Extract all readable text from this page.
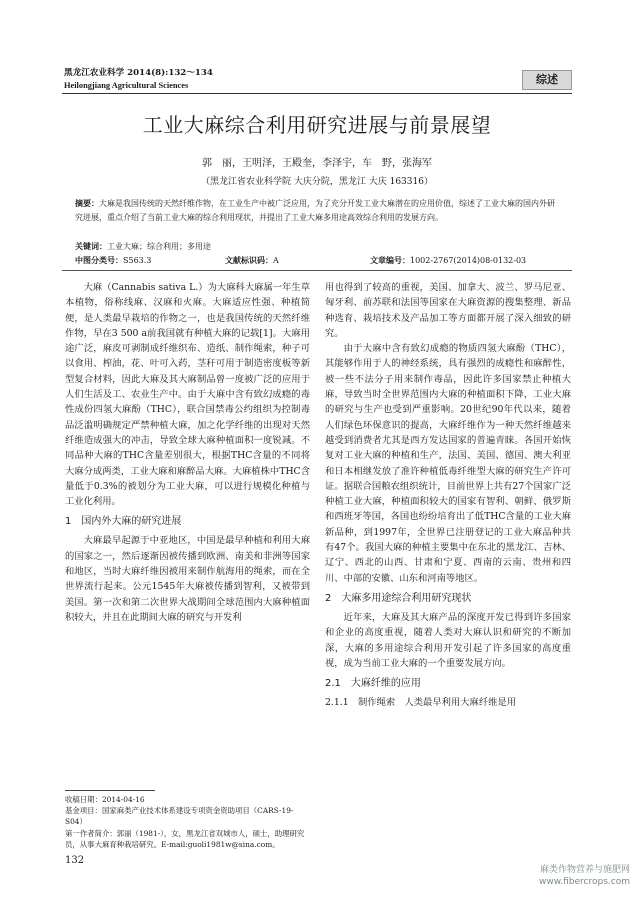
黑龙江农业科学 2014(8):132～134
Heilongjiang Agricultural Sciences	综述
工业大麻综合利用研究进展与前景展望
郭　丽，王明泽，王殿奎，李泽宇，车　野，张海军
（黑龙江省农业科学院 大庆分院，黑龙江 大庆 163316）
摘要：大麻是我国传统的天然纤维作物，在工业生产中被广泛应用，为了充分开发工业大麻潜在的应用价值，综述了工业大麻的国内外研究进展，重点介绍了当前工业大麻的综合利用现状，并提出了工业大麻多用途高效综合利用的发展方向。
关键词：工业大麻；综合利用；多用途
中图分类号：S563.3	文献标识码：A	文章编号：1002-2767(2014)08-0132-03

大麻（Cannabis sativa L.）为大麻科大麻属一年生草本植物，俗称线麻、汉麻和火麻。大麻适应性强、种植简便，是人类最早栽培的作物之一，也是我国传统的天然纤维作物，早在3 500 a前我国就有种植大麻的记载[1]。大麻用途广泛，麻皮可剥制成纤维织布、造纸、制作绳索，种子可以食用、榨油，花、叶可入药，茎秆可用于制造密度板等新型复合材料，因此大麻及其大麻制品曾一度被广泛的应用于人们生活及工、农业生产中。由于大麻中含有致幻成瘾的毒性成份四氢大麻酚（THC），联合国禁毒公约组织为控制毒品泛滥明确规定严禁种植大麻，加之化学纤维的出现对天然纤维造成强大的冲击，导致全球大麻种植面积一度锐减。不同品种大麻的THC含量差别很大，根据THC含量的不同将大麻分成两类，工业大麻和麻醉品大麻。大麻植株中THC含量低于0.3%的被划分为工业大麻，可以进行规模化种植与工业化利用。

1　国内外大麻的研究进展

大麻最早起源于中亚地区，中国是最早种植和利用大麻的国家之一，然后逐渐因被传播到欧洲、南美和非洲等国家和地区，当时大麻纤维因被用来制作航海用的绳索，而在全世界流行起来。公元1545年大麻被传播到智利，又被带到美国。第一次和第二次世界大战期间全球范围内大麻种植面积较大，并且在此期间大麻的研究与开发利

用也得到了较高的重视，美国、加拿大、波兰、罗马尼亚、匈牙利、前苏联和法国等国家在大麻资源的搜集整理、新品种选育、栽培技术及产品加工等方面都开展了深入细致的研究。

由于大麻中含有致幻成瘾的物质四氢大麻酚（THC），其能够作用于人的神经系统，具有强烈的成瘾性和麻醉性，被一些不法分子用来制作毒品，因此许多国家禁止种植大麻，导致当时全世界范围内大麻的种植面积下降，工业大麻的研究与生产也受到严重影响。20世纪90年代以来，随着人们绿色环保意识的提高，大麻纤维作为一种天然纤维越来越受到消费者尤其是西方发达国家的普遍青睐。各国开始恢复对工业大麻的种植和生产，法国、美国、德国、澳大利亚和日本相继发放了准许种植低毒纤维型大麻的研究生产许可证。据联合国粮农组织统计，目前世界上共有27个国家广泛种植工业大麻，种植面积较大的国家有智利、朝鲜、俄罗斯和西班牙等国，各国也纷纷培育出了低THC含量的工业大麻新品种，到1997年，全世界已注册登记的工业大麻品种共有47个。我国大麻的种植主要集中在东北的黑龙江、吉林、辽宁、西北的山西、甘肃和宁夏、西南的云南、贵州和四川、中部的安徽、山东和河南等地区。

2　大麻多用途综合利用研究现状

近年来，大麻及其大麻产品的深度开发已得到许多国家和企业的高度重视，随着人类对大麻认识和研究的不断加深，大麻的多用途综合利用开发引起了许多国家的高度重视，成为当前工业大麻的一个重要发展方向。

2.1　大麻纤维的应用

2.1.1　制作绳索　 人类最早利用大麻纤维是用

收稿日期：2014-04-16
基金项目：国家麻类产业技术体系建设专项资金资助项目（CARS-19-S04）
第一作者简介：郭丽（1981-），女，黑龙江省双城市人，硕士，助理研究员，从事大麻育种栽培研究。E-mail:guoli1981w@sina.com。
132
麻类作物营养与施肥网
www.fibercrops.com
